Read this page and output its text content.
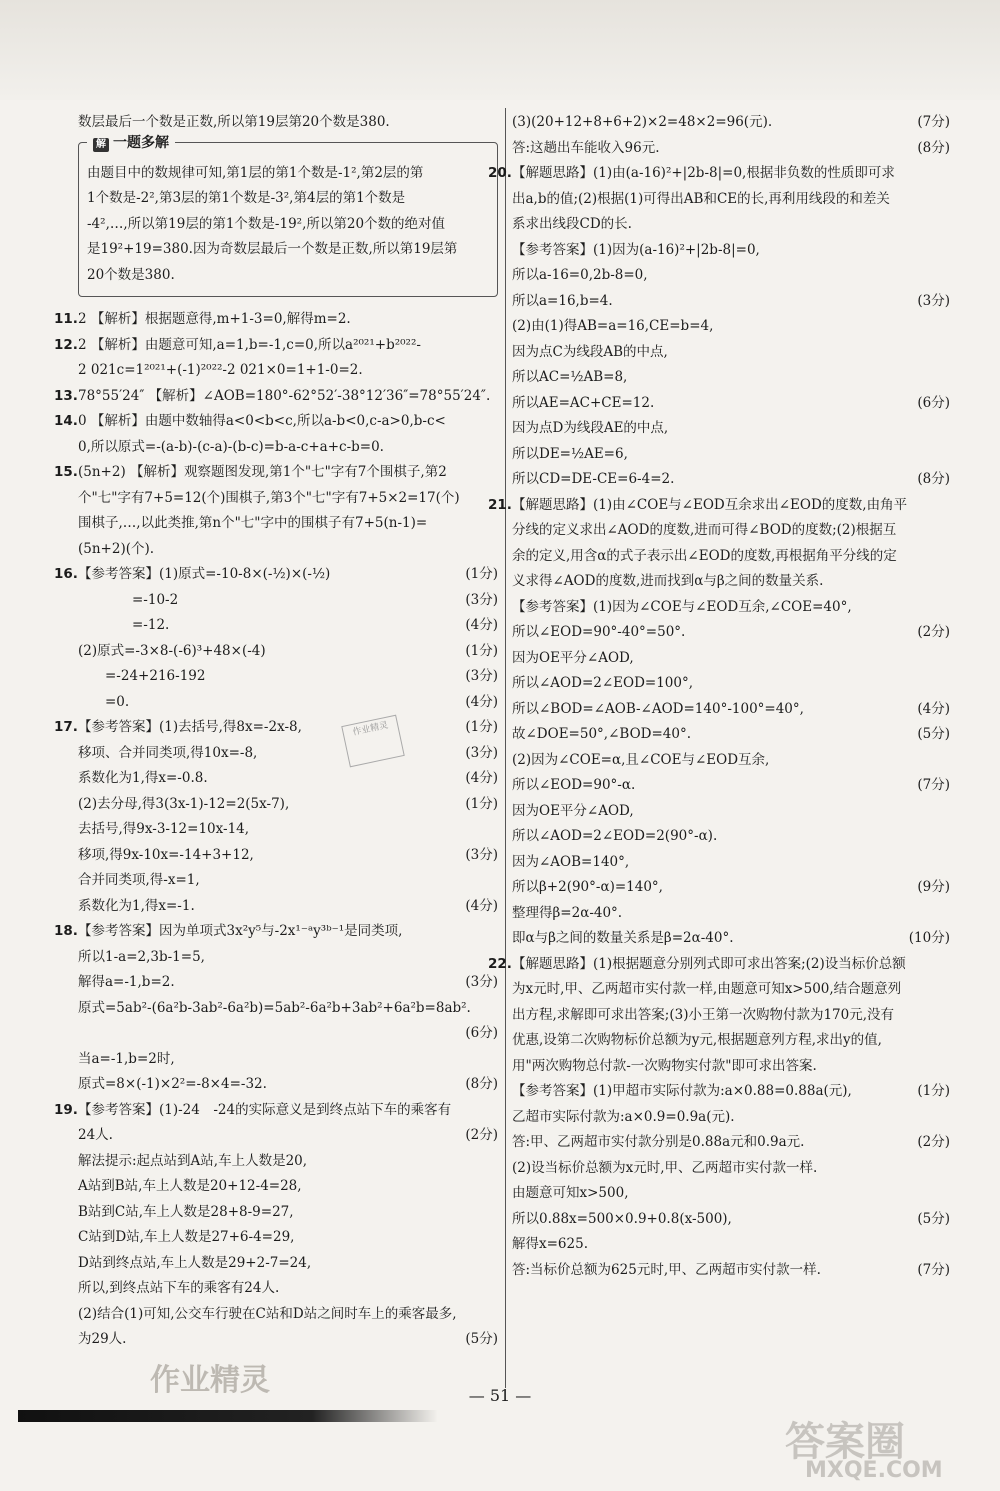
数层最后一个数是正数,所以第19层第20个数是380.
解 一题多解
由题目中的数规律可知,第1层的第1个数是-1²,第2层的第
1个数是-2²,第3层的第1个数是-3²,第4层的第1个数是
-4²,…,所以第19层的第1个数是-19²,所以第20个数的绝对值
是19²+19=380.因为奇数层最后一个数是正数,所以第19层第
20个数是380.
11.2 【解析】根据题意得,m+1-3=0,解得m=2.
12.2 【解析】由题意可知,a=1,b=-1,c=0,所以a²⁰²¹+b²⁰²²-
2 021c=1²⁰²¹+(-1)²⁰²²-2 021×0=1+1-0=2.
13.78°55′24″ 【解析】∠AOB=180°-62°52′-38°12′36″=78°55′24″.
14.0 【解析】由题中数轴得a<0<b<c,所以a-b<0,c-a>0,b-c<
0,所以原式=-(a-b)-(c-a)-(b-c)=b-a-c+a+c-b=0.
15.(5n+2) 【解析】观察题图发现,第1个"七"字有7个围棋子,第2
个"七"字有7+5=12(个)围棋子,第3个"七"字有7+5×2=17(个)
围棋子,…,以此类推,第n个"七"字中的围棋子有7+5(n-1)=
(5n+2)(个).
16.【参考答案】(1)原式=-10-8×(-½)×(-½)	(1分)
　　　　=-10-2	(3分)
　　　　=-12.	(4分)
(2)原式=-3×8-(-6)³+48×(-4)	(1分)
　　=-24+216-192	(3分)
　　=0.	(4分)
17.【参考答案】(1)去括号,得8x=-2x-8,	(1分)
移项、合并同类项,得10x=-8,	(3分)
系数化为1,得x=-0.8.	(4分)
(2)去分母,得3(3x-1)-12=2(5x-7),	(1分)
去括号,得9x-3-12=10x-14,
移项,得9x-10x=-14+3+12,	(3分)
合并同类项,得-x=1,
系数化为1,得x=-1.	(4分)
18.【参考答案】因为单项式3x²y⁵与-2x¹⁻ᵃy³ᵇ⁻¹是同类项,
所以1-a=2,3b-1=5,
解得a=-1,b=2.	(3分)
原式=5ab²-(6a²b-3ab²-6a²b)=5ab²-6a²b+3ab²+6a²b=8ab².
(6分)
当a=-1,b=2时,
原式=8×(-1)×2²=-8×4=-32.	(8分)
19.【参考答案】(1)-24　-24的实际意义是到终点站下车的乘客有
24人.	(2分)
解法提示:起点站到A站,车上人数是20,
A站到B站,车上人数是20+12-4=28,
B站到C站,车上人数是28+8-9=27,
C站到D站,车上人数是27+6-4=29,
D站到终点站,车上人数是29+2-7=24,
所以,到终点站下车的乘客有24人.
(2)结合(1)可知,公交车行驶在C站和D站之间时车上的乘客最多,
为29人.	(5分)
(3)(20+12+8+6+2)×2=48×2=96(元).	(7分)
答:这趟出车能收入96元.	(8分)
20.【解题思路】(1)由(a-16)²+|2b-8|=0,根据非负数的性质即可求
出a,b的值;(2)根据(1)可得出AB和CE的长,再利用线段的和差关
系求出线段CD的长.
【参考答案】(1)因为(a-16)²+|2b-8|=0,
所以a-16=0,2b-8=0,
所以a=16,b=4.	(3分)
(2)由(1)得AB=a=16,CE=b=4,
因为点C为线段AB的中点,
所以AC=½AB=8,
所以AE=AC+CE=12.	(6分)
因为点D为线段AE的中点,
所以DE=½AE=6,
所以CD=DE-CE=6-4=2.	(8分)
21.【解题思路】(1)由∠COE与∠EOD互余求出∠EOD的度数,由角平
分线的定义求出∠AOD的度数,进而可得∠BOD的度数;(2)根据互
余的定义,用含α的式子表示出∠EOD的度数,再根据角平分线的定
义求得∠AOD的度数,进而找到α与β之间的数量关系.
【参考答案】(1)因为∠COE与∠EOD互余,∠COE=40°,
所以∠EOD=90°-40°=50°.	(2分)
因为OE平分∠AOD,
所以∠AOD=2∠EOD=100°,
所以∠BOD=∠AOB-∠AOD=140°-100°=40°,	(4分)
故∠DOE=50°,∠BOD=40°.	(5分)
(2)因为∠COE=α,且∠COE与∠EOD互余,
所以∠EOD=90°-α.	(7分)
因为OE平分∠AOD,
所以∠AOD=2∠EOD=2(90°-α).
因为∠AOB=140°,
所以β+2(90°-α)=140°,	(9分)
整理得β=2α-40°.
即α与β之间的数量关系是β=2α-40°.	(10分)
22.【解题思路】(1)根据题意分别列式即可求出答案;(2)设当标价总额
为x元时,甲、乙两超市实付款一样,由题意可知x>500,结合题意列
出方程,求解即可求出答案;(3)小王第一次购物付款为170元,没有
优惠,设第二次购物标价总额为y元,根据题意列方程,求出y的值,
用"两次购物总付款-一次购物实付款"即可求出答案.
【参考答案】(1)甲超市实际付款为:a×0.88=0.88a(元),	(1分)
乙超市实际付款为:a×0.9=0.9a(元).
答:甲、乙两超市实付款分别是0.88a元和0.9a元.	(2分)
(2)设当标价总额为x元时,甲、乙两超市实付款一样.
由题意可知x>500,
所以0.88x=500×0.9+0.8(x-500),	(5分)
解得x=625.
答:当标价总额为625元时,甲、乙两超市实付款一样.	(7分)
作业精灵
作业精灵
答案圈
MXQE.COM
— 51 —
